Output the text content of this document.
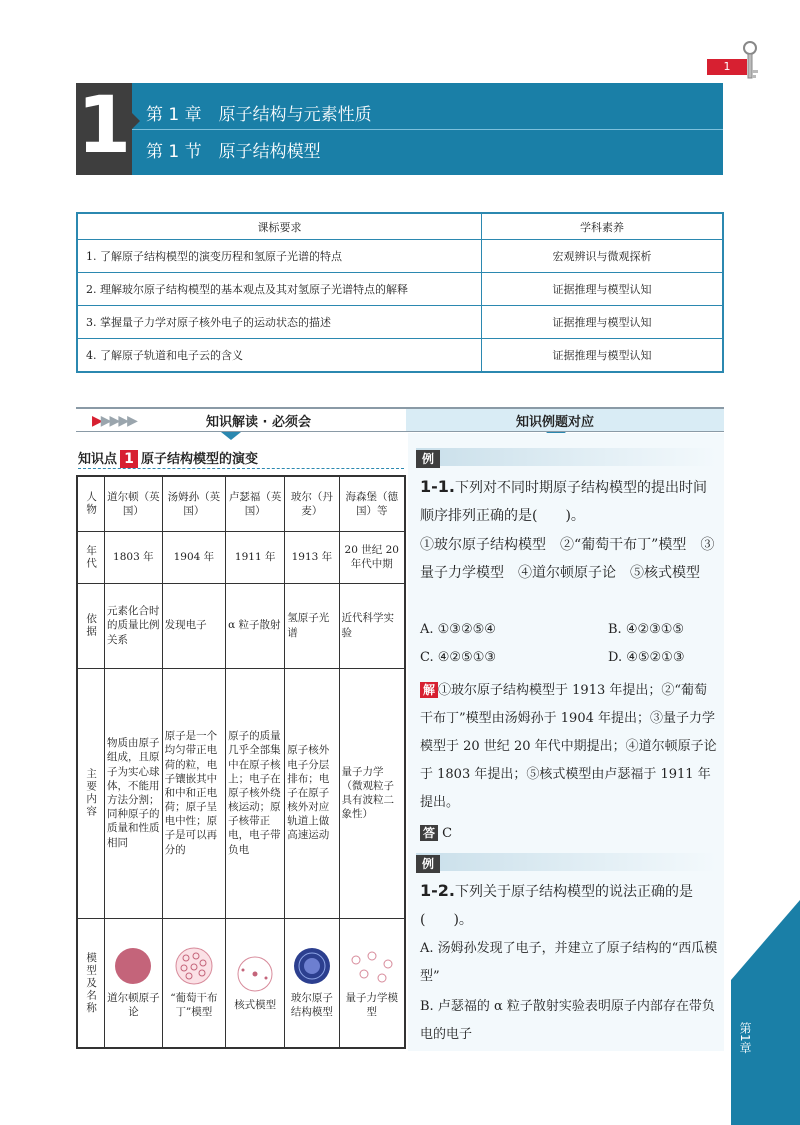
1
1 第 1 章　原子结构与元素性质
第 1 节　原子结构模型
课标要求	学科素养
1. 了解原子结构模型的演变历程和氢原子光谱的特点	宏观辨识与微观探析
2. 理解玻尔原子结构模型的基本观点及其对氢原子光谱特点的解释	证据推理与模型认知
3. 掌握量子力学对原子核外电子的运动状态的描述	证据推理与模型认知
4. 了解原子轨道和电子云的含义	证据推理与模型认知
▶▶▶▶▶	知识解读 · 必须会	知识例题对应
知识点 1 原子结构模型的演变
人物	道尔顿（英国）	汤姆孙（英国）	卢瑟福（英国）	玻尔（丹麦）	海森堡（德国）等

年代	1803 年	1904 年	1911 年	1913 年	20 世纪 20 年代中期

依据	元素化合时的质量比例关系	发现电子	α 粒子散射	氢原子光谱	近代科学实验

主要内容	物质由原子组成，且原子为实心球体，不能用方法分割；同种原子的质量和性质相同	原子是一个均匀带正电荷的粒，电子镶嵌其中和中和正电荷；原子呈电中性；原子是可以再分的	原子的质量几乎全部集中在原子核上；电子在原子核外绕核运动；原子核带正电，电子带负电	原子核外电子分层排布；电子在原子核外对应轨道上做高速运动	量子力学（微观粒子具有波粒二象性）

模型及名称	道尔顿原子论	“葡萄干布丁”模型	核式模型	玻尔原子结构模型	量子力学模型
例
1-1.下列对不同时期原子结构模型的提出时间顺序排列正确的是(　　)。
①玻尔原子结构模型　②“葡萄干布丁”模型　③量子力学模型　④道尔顿原子论　⑤核式模型
A. ①③②⑤④	B. ④②③①⑤
C. ④②⑤①③	D. ④⑤②①③
解 ①玻尔原子结构模型于 1913 年提出；②“葡萄干布丁”模型由汤姆孙于 1904 年提出；③量子力学模型于 20 世纪 20 年代中期提出；④道尔顿原子论于 1803 年提出；⑤核式模型由卢瑟福于 1911 年提出。
答 C
例
1-2.下列关于原子结构模型的说法正确的是(　　)。
A. 汤姆孙发现了电子，并建立了原子结构的“西瓜模型”
B. 卢瑟福的 α 粒子散射实验表明原子内部存在带负电的电子	第1章
